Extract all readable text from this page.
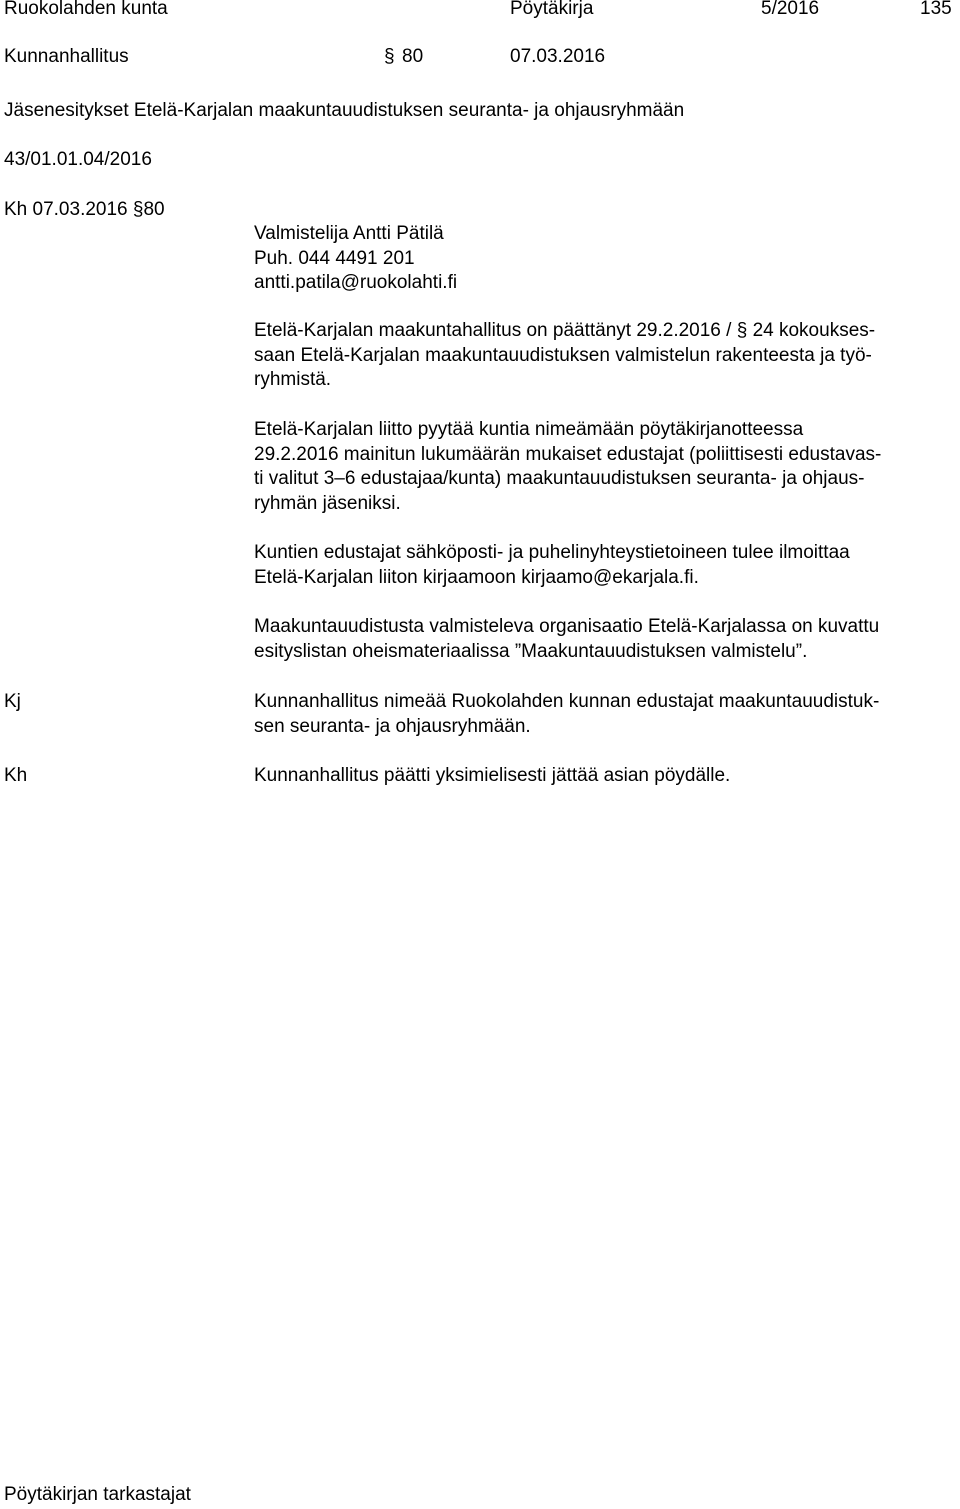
Ruokolahden kunta	Pöytäkirja	5/2016	135
Kunnanhallitus	§ 80	07.03.2016
Jäsenesitykset Etelä-Karjalan maakuntauudistuksen seuranta- ja ohjausryhmään
43/01.01.04/2016
Kh 07.03.2016 §80
Valmistelija Antti Pätilä
Puh. 044 4491 201
antti.patila@ruokolahti.fi
Etelä-Karjalan maakuntahallitus on päättänyt 29.2.2016 / § 24 kokoukses-
saan Etelä-Karjalan maakuntauudistuksen valmistelun rakenteesta ja työ-
ryhmistä.
Etelä-Karjalan liitto pyytää kuntia nimeämään pöytäkirjanotteessa
29.2.2016 mainitun lukumäärän mukaiset edustajat (poliittisesti edustavas-
ti valitut 3–6 edustajaa/kunta) maakuntauudistuksen seuranta- ja ohjaus-
ryhmän jäseniksi.
Kuntien edustajat sähköposti- ja puhelinyhteystietoineen tulee ilmoittaa
Etelä-Karjalan liiton kirjaamoon kirjaamo@ekarjala.fi.
Maakuntauudistusta valmisteleva organisaatio Etelä-Karjalassa on kuvattu
esityslistan oheismateriaalissa ”Maakuntauudistuksen valmistelu”.
Kj	Kunnanhallitus nimeää Ruokolahden kunnan edustajat maakuntauudistuk-
sen seuranta- ja ohjausryhmään.
Kh	Kunnanhallitus päätti yksimielisesti jättää asian pöydälle.
Pöytäkirjan tarkastajat
